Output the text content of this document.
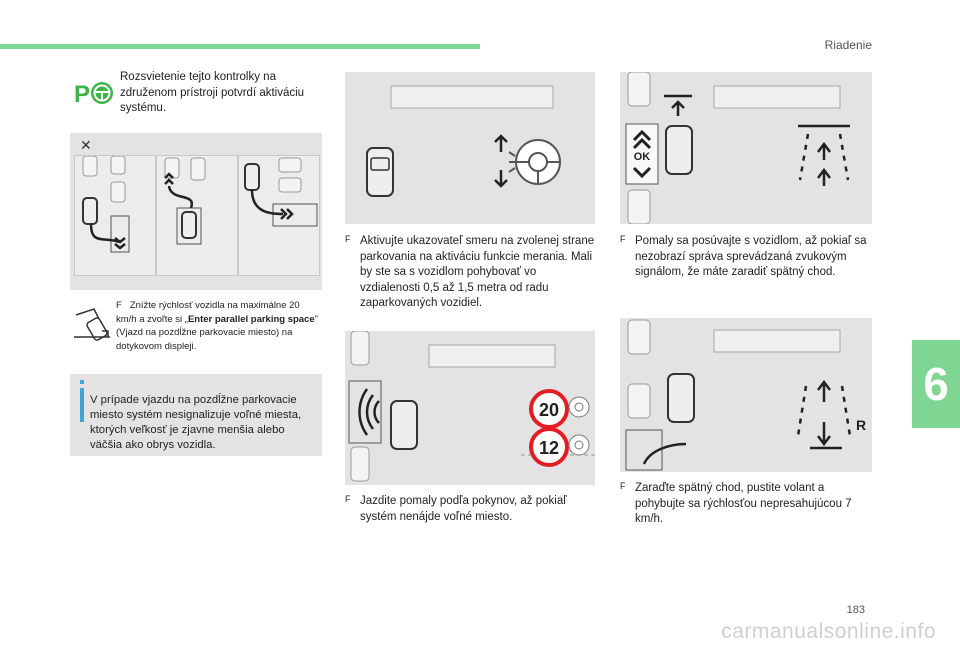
Riadenie
6
183
carmanualsonline.info
P

Rozsvietenie tejto kontrolky na združenom prístroji potvrdí aktiváciu systému.

✕
F Znížte rýchlosť vozidla na maximálne 20 km/h a zvoľte si „Enter parallel parking space" (Vjazd na pozdĺžne parkovacie miesto) na dotykovom displeji.

V prípade vjazdu na pozdĺžne parkovacie miesto systém nesignalizuje voľné miesta, ktorých veľkosť je zjavne menšia alebo väčšia ako obrys vozidla.

F Aktivujte ukazovateľ smeru na zvolenej strane parkovania na aktiváciu funkcie merania. Mali by ste sa s vozidlom pohybovať vo vzdialenosti 0,5 až 1,5 metra od radu zaparkovaných vozidiel.

20
12
F Jazdite pomaly podľa pokynov, až pokiaľ systém nenájde voľné miesto.

OK
F Pomaly sa posúvajte s vozidlom, až pokiaľ sa nezobrazí správa sprevádzaná zvukovým signálom, že máte zaradiť spätný chod.

R
F Zaraďte spätný chod, pustite volant a pohybujte sa rýchlosťou nepresahujúcou 7 km/h.
